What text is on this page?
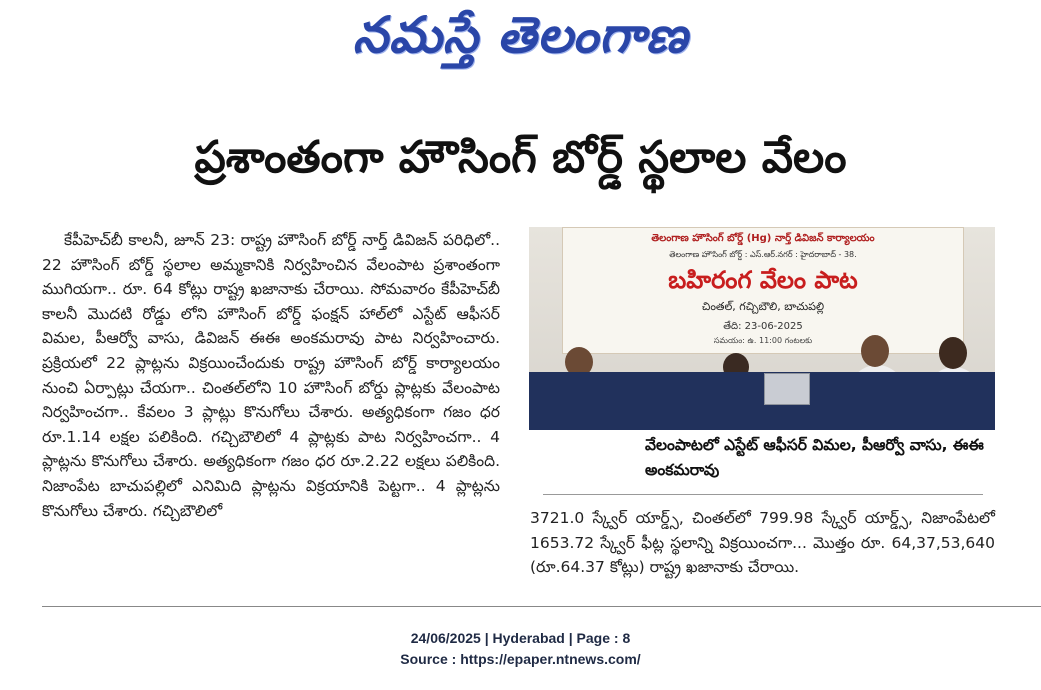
నమస్తే తెలంగాణ
ప్రశాంతంగా హౌసింగ్ బోర్డ్ స్థలాల వేలం

కేపీహెచ్‌బీ కాలనీ, జూన్ 23: రాష్ట్ర హౌసింగ్ బోర్డ్ నార్త్ డివిజన్ పరిధిలో.. 22 హౌసింగ్ బోర్డ్ స్థలాల అమ్మకానికి నిర్వహించిన వేలంపాట ప్రశాంతంగా ముగియగా.. రూ. 64 కోట్లు రాష్ట్ర ఖజానాకు చేరాయి. సోమవారం కేపీహెచ్‌బీ కాలనీ మొదటి రోడ్డు లోని హౌసింగ్ బోర్డ్ ఫంక్షన్ హాల్‌లో ఎస్టేట్ ఆఫీసర్ విమల, పీఆర్వో వాసు, డివిజన్ ఈఈ అంకమరావు పాట నిర్వహించారు. ప్రక్రియలో 22 ప్లాట్లను విక్రయించేందుకు రాష్ట్ర హౌసింగ్ బోర్డ్ కార్యాలయం నుంచి ఏర్పాట్లు చేయగా.. చింతల్‌లోని 10 హౌసింగ్ బోర్డు ప్లాట్లకు వేలంపాట నిర్వహించగా.. కేవలం 3 ప్లాట్లు కొనుగోలు చేశారు. అత్యధికంగా గజం ధర రూ.1.14 లక్షల పలికింది. గచ్చిబౌలిలో 4 ప్లాట్లకు పాట నిర్వహించగా.. 4 ప్లాట్లను కొనుగోలు చేశారు. అత్యధికంగా గజం ధర రూ.2.22 లక్షలు పలికింది. నిజాంపేట బాచుపల్లిలో ఎనిమిది ప్లాట్లను విక్రయానికి పెట్టగా.. 4 ప్లాట్లను కొనుగోలు చేశారు. గచ్చిబౌలిలో

తెలంగాణ హౌసింగ్ బోర్డ్ (Hg) నార్త్ డివిజన్ కార్యాలయం
తెలంగాణ హౌసింగ్ బోర్డ్ : ఎస్.ఆర్.నగర్ : హైదరాబాద్ - 38.
బహిరంగ వేలం పాట
చింతల్, గచ్చిబౌలి, బాచుపల్లి
తేది: 23-06-2025
సమయం: ఉ. 11:00 గంటలకు
వేలంపాటలో ఎస్టేట్ ఆఫీసర్ విమల, పీఆర్వో వాసు, ఈఈ అంకమరావు

3721.0 స్క్వేర్ యార్డ్స్, చింతల్‌లో 799.98 స్క్వేర్ యార్డ్స్, నిజాంపేటలో 1653.72 స్క్వేర్ ఫీట్ల స్థలాన్ని విక్రయించగా... మొత్తం రూ. 64,37,53,640 (రూ.64.37 కోట్లు) రాష్ట్ర ఖజానాకు చేరాయి.

24/06/2025 | Hyderabad | Page : 8
Source : https://epaper.ntnews.com/
